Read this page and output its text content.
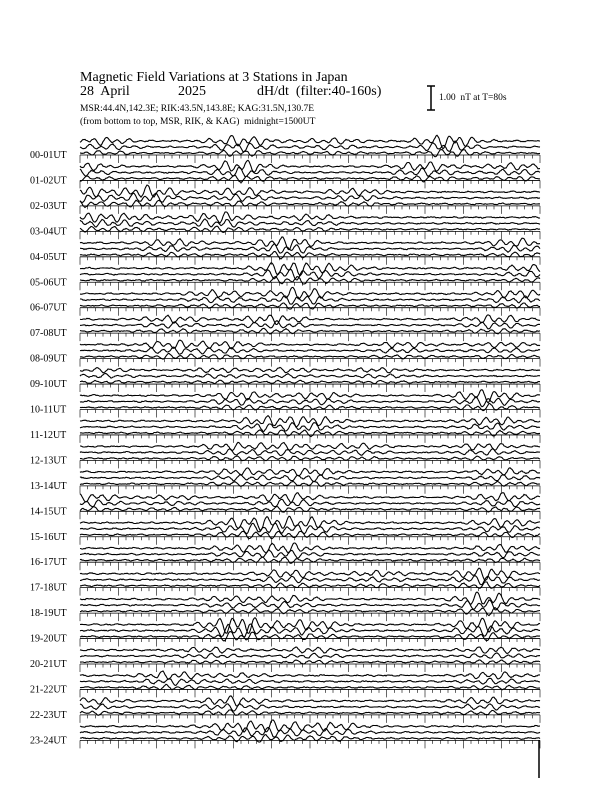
Magnetic Field Variations at 3 Stations in Japan

28  April

	2025

	dH/dt  (filter:40-160s)

MSR:44.4N,142.3E; RIK:43.5N,143.8E; KAG:31.5N,130.7E
(from bottom to top, MSR, RIK, & KAG)  midnight=1500UT
1.00  nT at T=80s
00-01UT
01-02UT
02-03UT
03-04UT
04-05UT
05-06UT
06-07UT
07-08UT
08-09UT
09-10UT
10-11UT
11-12UT
12-13UT
13-14UT
14-15UT
15-16UT
16-17UT
17-18UT
18-19UT
19-20UT
20-21UT
21-22UT
22-23UT
23-24UT
